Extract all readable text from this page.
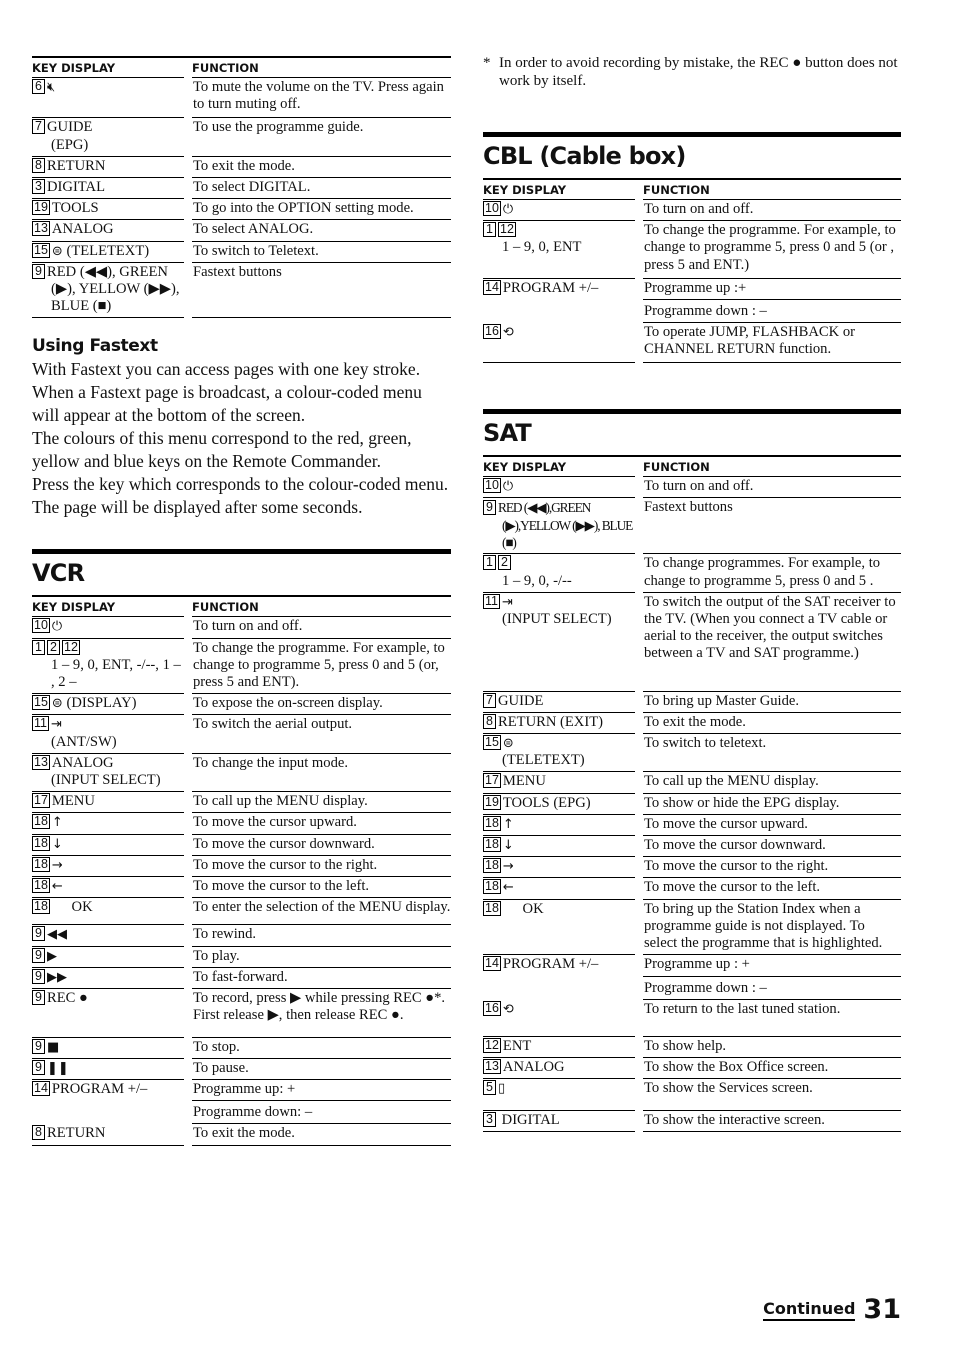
KEY DISPLAY	FUNCTION
6 🔇︎	To mute the volume on the TV. Press again to turn muting off.
7 GUIDE
(EPG)
To use the programme guide.
8 RETURN	To exit the mode.
3 DIGITAL	To select DIGITAL.
19 TOOLS	To go into the OPTION setting mode.
13 ANALOG	To select ANALOG.
15 ⊜ (TELETEXT)	To switch to Teletext.
9 RED (◀◀), GREEN
(▶), YELLOW (▶▶), BLUE (■)
Fastext buttons
Using Fastext

With Fastext you can access pages with one key stroke.

When a Fastext page is broadcast, a colour-coded menu will appear at the bottom of the screen.

The colours of this menu correspond to the red, green, yellow and blue keys on the Remote Commander.

Press the key which corresponds to the colour-coded menu.

The page will be displayed after some seconds.

VCR
KEY DISPLAY	FUNCTION
10 ⏻	To turn on and off.
1 2 12
1 – 9, 0, ENT, -/--, 1 – , 2 –
To change the programme. For example, to change to programme 5, press 0 and 5 (or, press 5 and ENT).
15 ⊜ (DISPLAY)	To expose the on-screen display.
11 ⇥
(ANT/SW)
To switch the aerial output.
13 ANALOG
(INPUT SELECT)
To change the input mode.
17 MENU	To call up the MENU display.
18 ↑	To move the cursor upward.
18 ↓	To move the cursor downward.
18 →	To move the cursor to the right.
18 ←	To move the cursor to the left.
18 OK	To enter the selection of the MENU display.
9 ◀◀	To rewind.
9 ▶	To play.
9 ▶▶	To fast-forward.
9 REC ●	To record, press ▶ while pressing REC ●*. First release ▶, then release REC ●.
9 ■	To stop.
9 ❚❚	To pause.
14 PROGRAM +/–	Programme up: +
Programme down: –
8 RETURN	To exit the mode.
* In order to avoid recording by mistake, the REC ● button does not work by itself.
CBL (Cable box)
KEY DISPLAY	FUNCTION
10 ⏻	To turn on and off.
1 12
1 – 9, 0, ENT
To change the programme. For example, to change to programme 5, press 0 and 5 (or , press 5 and ENT.)
14 PROGRAM +/–	Programme up :+
Programme down : –
16 ⟲	To operate JUMP, FLASHBACK or CHANNEL RETURN function.
SAT
KEY DISPLAY	FUNCTION
10 ⏻	To turn on and off.
9 RED (◀◀),GREEN
(▶),YELLOW (▶▶), BLUE (■)
Fastext buttons
1 2
1 – 9, 0, -/--
To change programmes. For example, to change to programme 5, press 0 and 5 .
11 ⇥
(INPUT SELECT)
To switch the output of the SAT receiver to the TV. (When you connect a TV cable or aerial to the receiver, the output switches between a TV and SAT programme.)
7 GUIDE	To bring up Master Guide.
8 RETURN (EXIT)	To exit the mode.
15 ⊜
(TELETEXT)
To switch to teletext.
17 MENU	To call up the MENU display.
19 TOOLS (EPG)	To show or hide the EPG display.
18 ↑	To move the cursor upward.
18 ↓	To move the cursor downward.
18 →	To move the cursor to the right.
18 ←	To move the cursor to the left.
18 OK	To bring up the Station Index when a programme guide is not displayed. To select the programme that is highlighted.
14 PROGRAM +/–	Programme up : +
Programme down : –
16 ⟲	To return to the last tuned station.
12 ENT	To show help.
13 ANALOG	To show the Box Office screen.
5 ▯	To show the Services screen.
3 DIGITAL	To show the interactive screen.
Continued 31
